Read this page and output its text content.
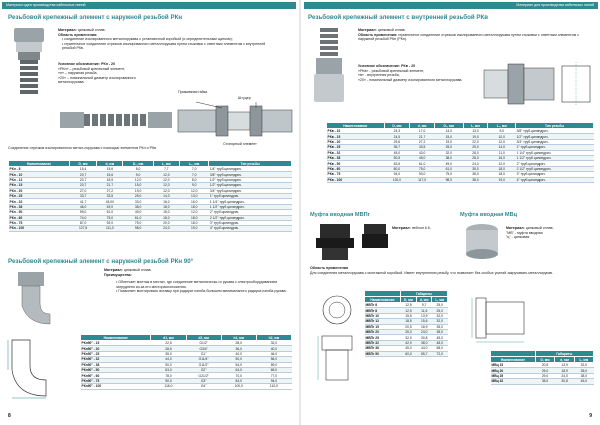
Материал идея производства кабельных линий	Материал для производства кабельных линий
Резьбовой крепежный элемент с наружной резьбой РКн
Материал: цинковый сплав.
Область применения:
• соединение изолированного металлорукава с установочной коробкой (и определительным щитком);
• герметичное соединение отрезков изолированного металлорукава путем стыковки с ответным элементом с внутренней резьбой РКв.
Условное обозначение: РКн - 20
«РКн» – резьбовой крепежный элемент,
«н» – наружная резьба,
«20» – номинальный диаметр изолированного металлорукава.
Прижимная гайка
Штуцер
Стопорный элемент
Соединение отрезков изолированного метал-лорукава с помощью элементов РКн и РКв
Наименование	D, мм	d, мм	D₁, мм	L, мм	L₁, мм	Тип резьбы
РКн - 8	15,4	15,6	8,0	7,7	7,0	1/4" труб.цилиндрич.
РКн - 10	20,7	15,6	9,0	12,0	7,0	3/8" труб.цилиндрич.
РКн - 12	20,7	18,5	12,0	12,0	8,0	1/2" труб.цилиндрич.
РКн - 15	20,7	21,7	15,0	12,0	9,0	1/2" труб.цилиндрич.
РКн - 20	27,0	27,2	19,0	12,0	12,0	3/4" труб.цилиндрич.
РКн - 25	33,7	33,5	25,0	14,0	13,0	1" труб.цилиндрич.
РКн - 32	41,7	43,00	33,0	16,0	16,0	1 1/4" труб.цилиндрич.
РКн - 38	46,0	49,0	38,0	18,0	18,0	1 1/2" труб.цилиндрич.
РКн - 50	59,0	61,0	49,0	18,0	12,0	2" труб.цилиндрич.
РКн - 60	74,0	75,0	61,0	18,0	18,0	2 1/2" труб.цилиндрич.
РКн - 75	87,0	92,0	75,0	20,0	18,0	3" труб.цилиндрич.
РКн - 100	127,5	111,0	98,0	24,0	19,0	4" труб.цилиндрич.
Резьбовой крепежный элемент с наружной резьбой РКн 90°
Материал: цинковый сплав.
Преимущества:
• Облегчает монтаж в местах, где соединение металлическо-го рукава с электрооборудованием затруднено из-за его месторасположения.
• Позволяет монтировать вставку при радиусе изгиба большем минимального радиуса изгиба рукава.
Наименование	d1, мм	d2, мм	h1, мм	h2, мм
РКн90° - 15	22,5	G1/2"	28,0	32,0
РКн90° - 20	28,5	G3/4"	36,0	40,0
РКн90° - 25	35,0	G1"	40,0	46,0
РКн90° - 32	44,0	G11/4"	50,0	56,0
РКн90° - 38	50,0	G11/2"	54,0	59,0
РКн90° - 50	63,0	G2"	64,0	65,0
РКн90° - 60	78,0	G21/2"	70,0	77,0
РКн90° - 75	90,0	G3"	84,0	94,0
РКн90° - 100	116,0	G4"	100,0	110,0
8
Резьбовой крепежный элемент с внутренней резьбой РКв
Материал: цинковый сплав.
Область применения: герметичное соединение отрезков изолированного металлорукава путем стыковки с ответным элементом с наружной резьбой РКн (РКн).
Условное обозначение: РКв - 20
«РКв» - резьбовой крепежный элемент,
«в» - внутренняя резьба,
«20» - номинальный диаметр изолированного металлорукава.
Наименование	D, мм	d, мм	D₁, мм	L, мм	L₁, мм	Тип резьбы
РКв - 10	24,3	17,0	14,0	13,0	9,0	3/8" труб.цилиндрич.
РКв - 15	24,5	21,7	15,0	19,0	10,0	1/2" труб.цилиндрич.
РКв - 20	29,6	27,2	19,0	22,0	12,0	3/4" труб.цилиндрич.
РКв - 25	35,7	33,5	25,0	25,0	14,0	1" труб.цилиндрич.
РКв - 32	45,0	43,0	32,0	28,0	11,0	1 1/4" труб.цилиндрич.
РКв - 38	50,5	49,0	38,0	28,0	16,0	1 1/2" труб.цилиндрич.
РКв - 50	63,5	61,0	49,0	24,0	12,0	2" труб.цилиндрич.
РКв - 60	80,0	75,0	61,0	35,0	18,0	2 1/2" труб.цилиндрич.
РКв - 75	94,0	90,0	75,0	38,0	18,0	3" труб.цилиндрич.
РКв - 100	120,0	117,0	98,0	38,0	19,0	4" труб.цилиндрич.
Муфта вводная МВПг	Муфта вводная МВц
Материал: нейлон 6.6.	Материал: цинковый сплав.
"МВ" - муфта вводная
"ц" - цинковая
Область применения
Для соединения металлорукава с монтажной коробкой. Имеет внутреннюю резьбу, что позволяет без особых усилий закручивать металлорукав.
	Габариты		
Наименование	D, мм	d, мм	L, мм
МВПг 8	12,5	9,7	25,0
МВПг 8	12,5	11,6	25,0
МВПг 10	15,5	13,9	32,0
МВПг 12	18,5	15,6	32,0
МВПг 15	20,5	18,9	35,0
МВПг 20	26,0	24,0	38,0
МВПг 25	32,0	30,8	45,0
МВПг 32	42,0	38,0	48,0
МВПг 38	45,0	44,0	58,0
МВПг 50	60,0	55,7	72,0
		Габариты		
Наименование	D, мм	d, мм	L, мм
МВц 15	20,5	13,9	32,0
МВц 20	25,0	18,9	35,0
МВц 25	29,0	24,0	38,0
МВц 32	35,0	30,8	45,0
9
